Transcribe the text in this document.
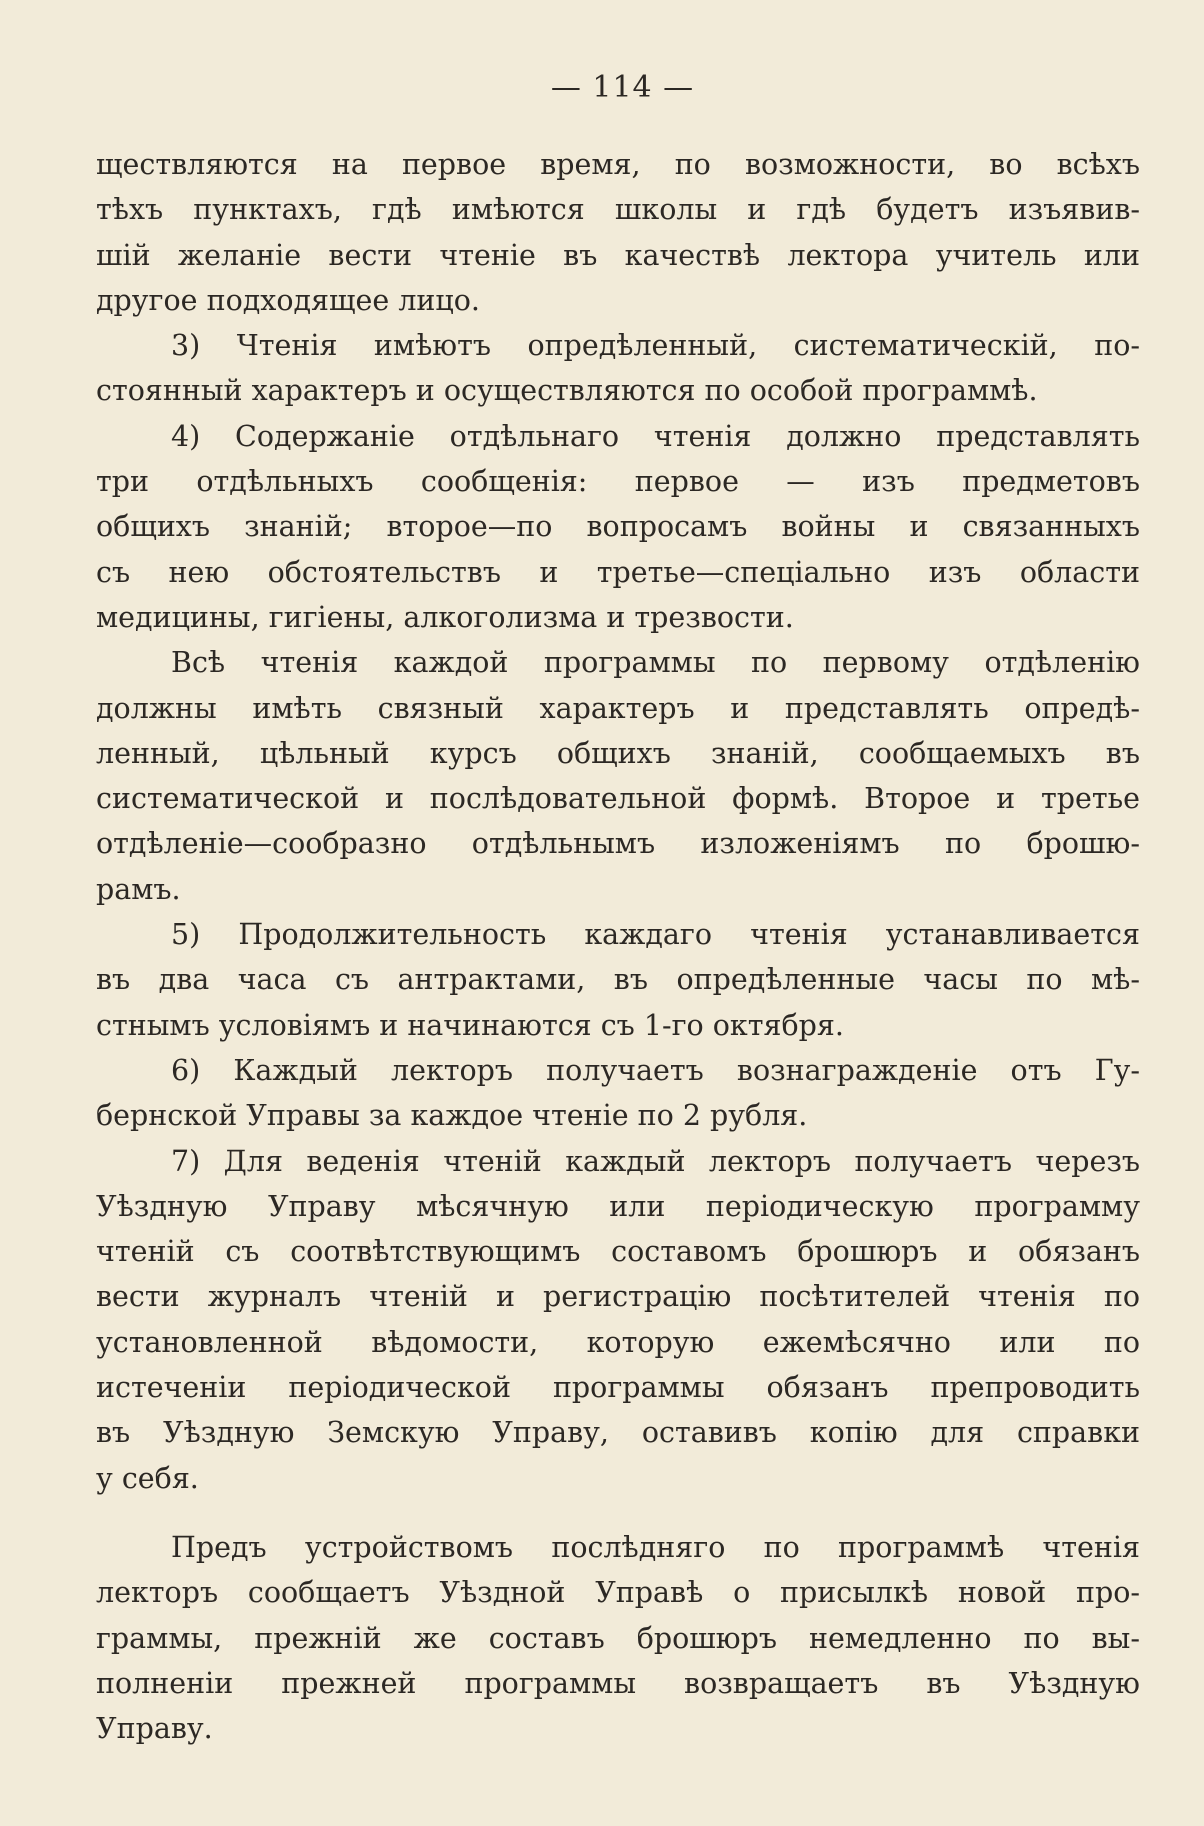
— 114 —
ществляются на первое время, по возможности, во всѣхъ
тѣхъ пунктахъ, гдѣ имѣются школы и гдѣ будетъ изъявив-
шій желаніе вести чтеніе въ качествѣ лектора учитель или
другое подходящее лицо.
3) Чтенія имѣютъ опредѣленный, систематическій, по-
стоянный характеръ и осуществляются по особой программѣ.
4) Содержаніе отдѣльнаго чтенія должно представлять
три отдѣльныхъ сообщенія: первое — изъ предметовъ
общихъ знаній; второе—по вопросамъ войны и связанныхъ
съ нею обстоятельствъ и третье—спеціально изъ области
медицины, гигіены, алкоголизма и трезвости.
Всѣ чтенія каждой программы по первому отдѣленію
должны имѣть связный характеръ и представлять опредѣ-
ленный, цѣльный курсъ общихъ знаній, сообщаемыхъ въ
систематической и послѣдовательной формѣ. Второе и третье
отдѣленіе—сообразно отдѣльнымъ изложеніямъ по брошю-
рамъ.
5) Продолжительность каждаго чтенія устанавливается
въ два часа съ антрактами, въ опредѣленные часы по мѣ-
стнымъ условіямъ и начинаются съ 1-го октября.
6) Каждый лекторъ получаетъ вознагражденіе отъ Гу-
бернской Управы за каждое чтеніе по 2 рубля.
7) Для веденія чтеній каждый лекторъ получаетъ черезъ
Уѣздную Управу мѣсячную или періодическую программу
чтеній съ соотвѣтствующимъ составомъ брошюръ и обязанъ
вести журналъ чтеній и регистрацію посѣтителей чтенія по
установленной вѣдомости, которую ежемѣсячно или по
истеченіи періодической программы обязанъ препроводить
въ Уѣздную Земскую Управу, оставивъ копію для справки
у себя.
Предъ устройствомъ послѣдняго по программѣ чтенія
лекторъ сообщаетъ Уѣздной Управѣ о присылкѣ новой про-
граммы, прежній же составъ брошюръ немедленно по вы-
полненіи прежней программы возвращаетъ въ Уѣздную
Управу.
